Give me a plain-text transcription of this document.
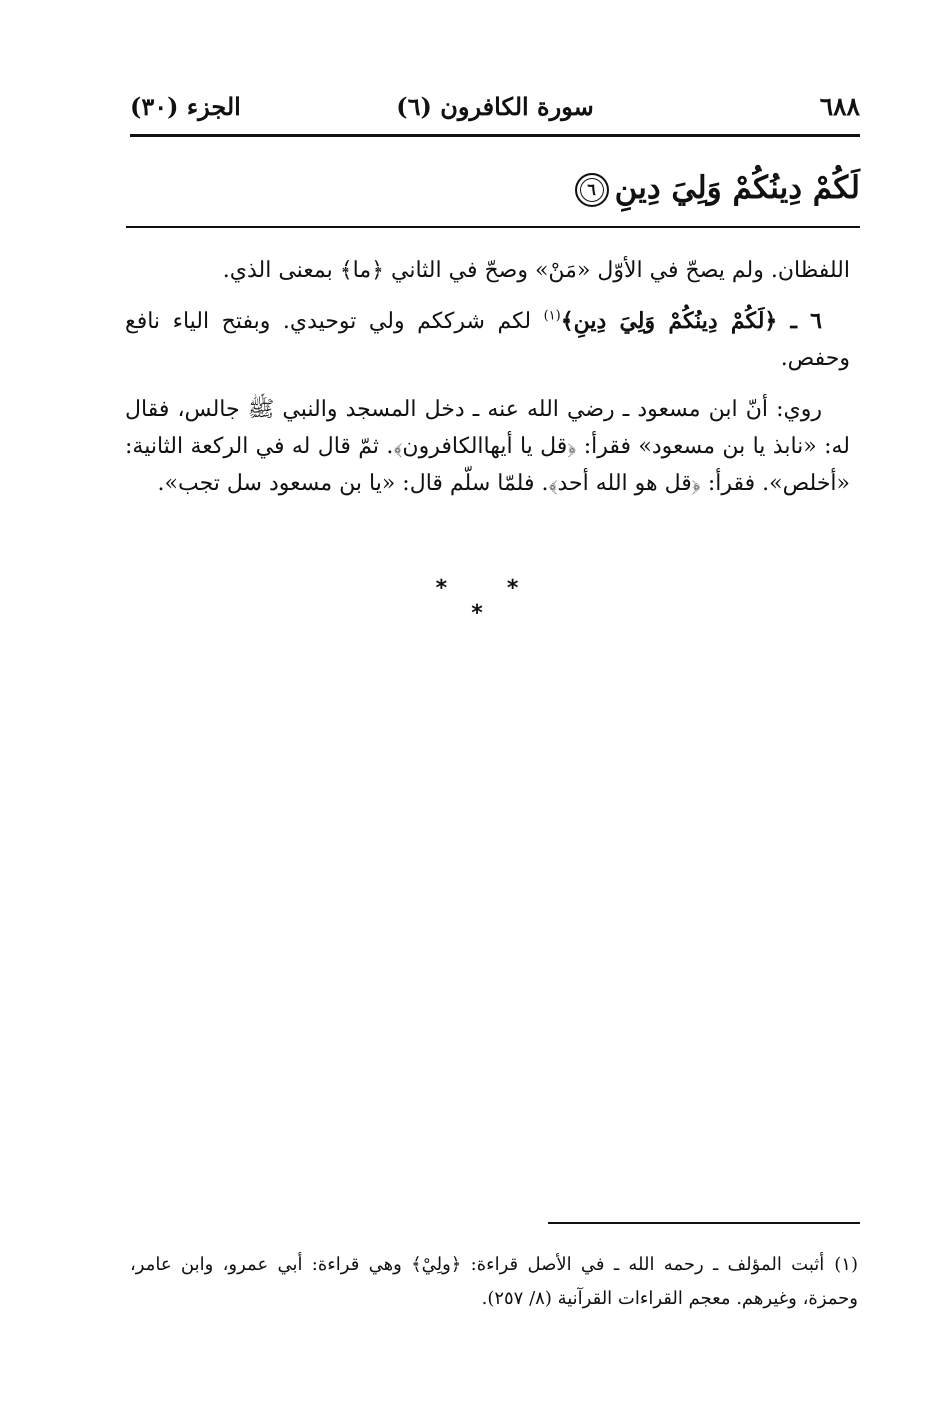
٦٨٨
سورة الكافرون (٦)
الجزء (٣٠)
لَكُمْ دِينُكُمْ وَلِيَ دِينِ٦

اللفظان. ولم يصحّ في الأوّل «مَنْ» وصحّ في الثاني ﴿ما﴾ بمعنى الذي.

٦ ـ ﴿لَكُمْ دِينُكُمْ وَلِيَ دِينِ﴾$^{(١)}$ لكم شرككم ولي توحيدي. وبفتح الياء نافع وحفص.

روي: أنّ ابن مسعود ـ رضي الله عنه ـ دخل المسجد والنبي ﷺ جالس، فقال له: «نابذ يا بن مسعود» فقرأ: ﴿قل يا أيهاالكافرون﴾. ثمّ قال له في الركعة الثانية: «أخلص». فقرأ: ﴿قل هو الله أحد﴾. فلمّا سلّم قال: «يا بن مسعود سل تجب».

* * *

(١)أثبت المؤلف ـ رحمه الله ـ في الأصل قراءة: ﴿ولِيْ﴾ وهي قراءة: أبي عمرو، وابن عامر، وحمزة، وغيرهم. معجم القراءات القرآنية (٨/ ٢٥٧).
